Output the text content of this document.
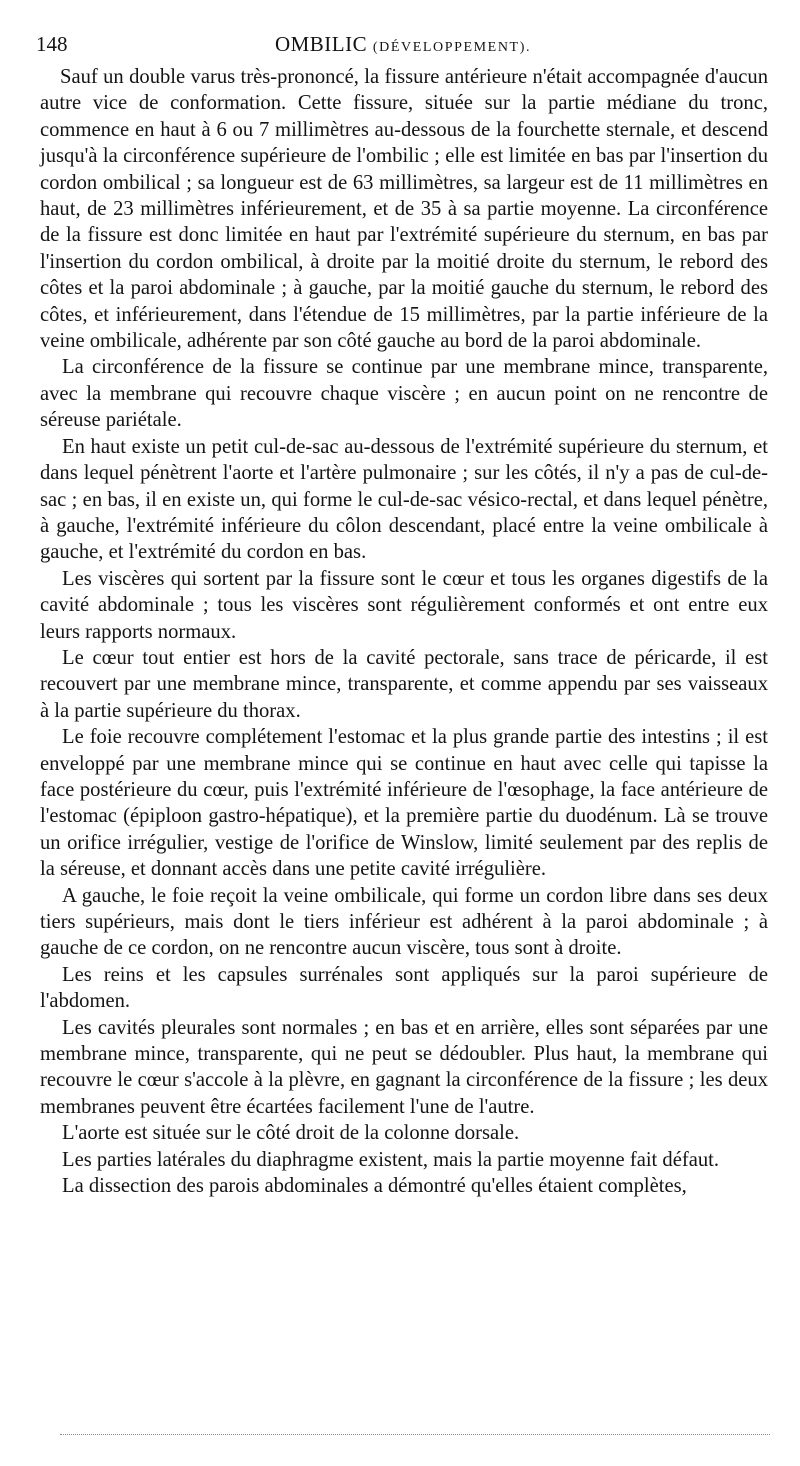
148	OMBILIC (DÉVELOPPEMENT).

Sauf un double varus très-prononcé, la fissure antérieure n'était accompagnée d'aucun autre vice de conformation. Cette fissure, située sur la partie médiane du tronc, commence en haut à 6 ou 7 millimètres au-dessous de la fourchette sternale, et descend jusqu'à la circonférence supérieure de l'ombilic ; elle est limitée en bas par l'insertion du cordon ombilical ; sa longueur est de 63 millimètres, sa largeur est de 11 millimètres en haut, de 23 millimètres inférieurement, et de 35 à sa partie moyenne. La circonférence de la fissure est donc limitée en haut par l'extrémité supérieure du sternum, en bas par l'insertion du cordon ombilical, à droite par la moitié droite du sternum, le rebord des côtes et la paroi abdominale ; à gauche, par la moitié gauche du sternum, le rebord des côtes, et inférieurement, dans l'étendue de 15 millimètres, par la partie inférieure de la veine ombilicale, adhérente par son côté gauche au bord de la paroi abdominale.

La circonférence de la fissure se continue par une membrane mince, transparente, avec la membrane qui recouvre chaque viscère ; en aucun point on ne rencontre de séreuse pariétale.

En haut existe un petit cul-de-sac au-dessous de l'extrémité supérieure du sternum, et dans lequel pénètrent l'aorte et l'artère pulmonaire ; sur les côtés, il n'y a pas de cul-de-sac ; en bas, il en existe un, qui forme le cul-de-sac vésico-rectal, et dans lequel pénètre, à gauche, l'extrémité inférieure du côlon descendant, placé entre la veine ombilicale à gauche, et l'extrémité du cordon en bas.

Les viscères qui sortent par la fissure sont le cœur et tous les organes digestifs de la cavité abdominale ; tous les viscères sont régulièrement conformés et ont entre eux leurs rapports normaux.

Le cœur tout entier est hors de la cavité pectorale, sans trace de péricarde, il est recouvert par une membrane mince, transparente, et comme appendu par ses vaisseaux à la partie supérieure du thorax.

Le foie recouvre complétement l'estomac et la plus grande partie des intestins ; il est enveloppé par une membrane mince qui se continue en haut avec celle qui tapisse la face postérieure du cœur, puis l'extrémité inférieure de l'œsophage, la face antérieure de l'estomac (épiploon gastro-hépatique), et la première partie du duodénum. Là se trouve un orifice irrégulier, vestige de l'orifice de Winslow, limité seulement par des replis de la séreuse, et donnant accès dans une petite cavité irrégulière.

A gauche, le foie reçoit la veine ombilicale, qui forme un cordon libre dans ses deux tiers supérieurs, mais dont le tiers inférieur est adhérent à la paroi abdominale ; à gauche de ce cordon, on ne rencontre aucun viscère, tous sont à droite.

Les reins et les capsules surrénales sont appliqués sur la paroi supérieure de l'abdomen.

Les cavités pleurales sont normales ; en bas et en arrière, elles sont séparées par une membrane mince, transparente, qui ne peut se dédoubler. Plus haut, la membrane qui recouvre le cœur s'accole à la plèvre, en gagnant la circonférence de la fissure ; les deux membranes peuvent être écartées facilement l'une de l'autre.

L'aorte est située sur le côté droit de la colonne dorsale.

Les parties latérales du diaphragme existent, mais la partie moyenne fait défaut.

La dissection des parois abdominales a démontré qu'elles étaient complètes,
